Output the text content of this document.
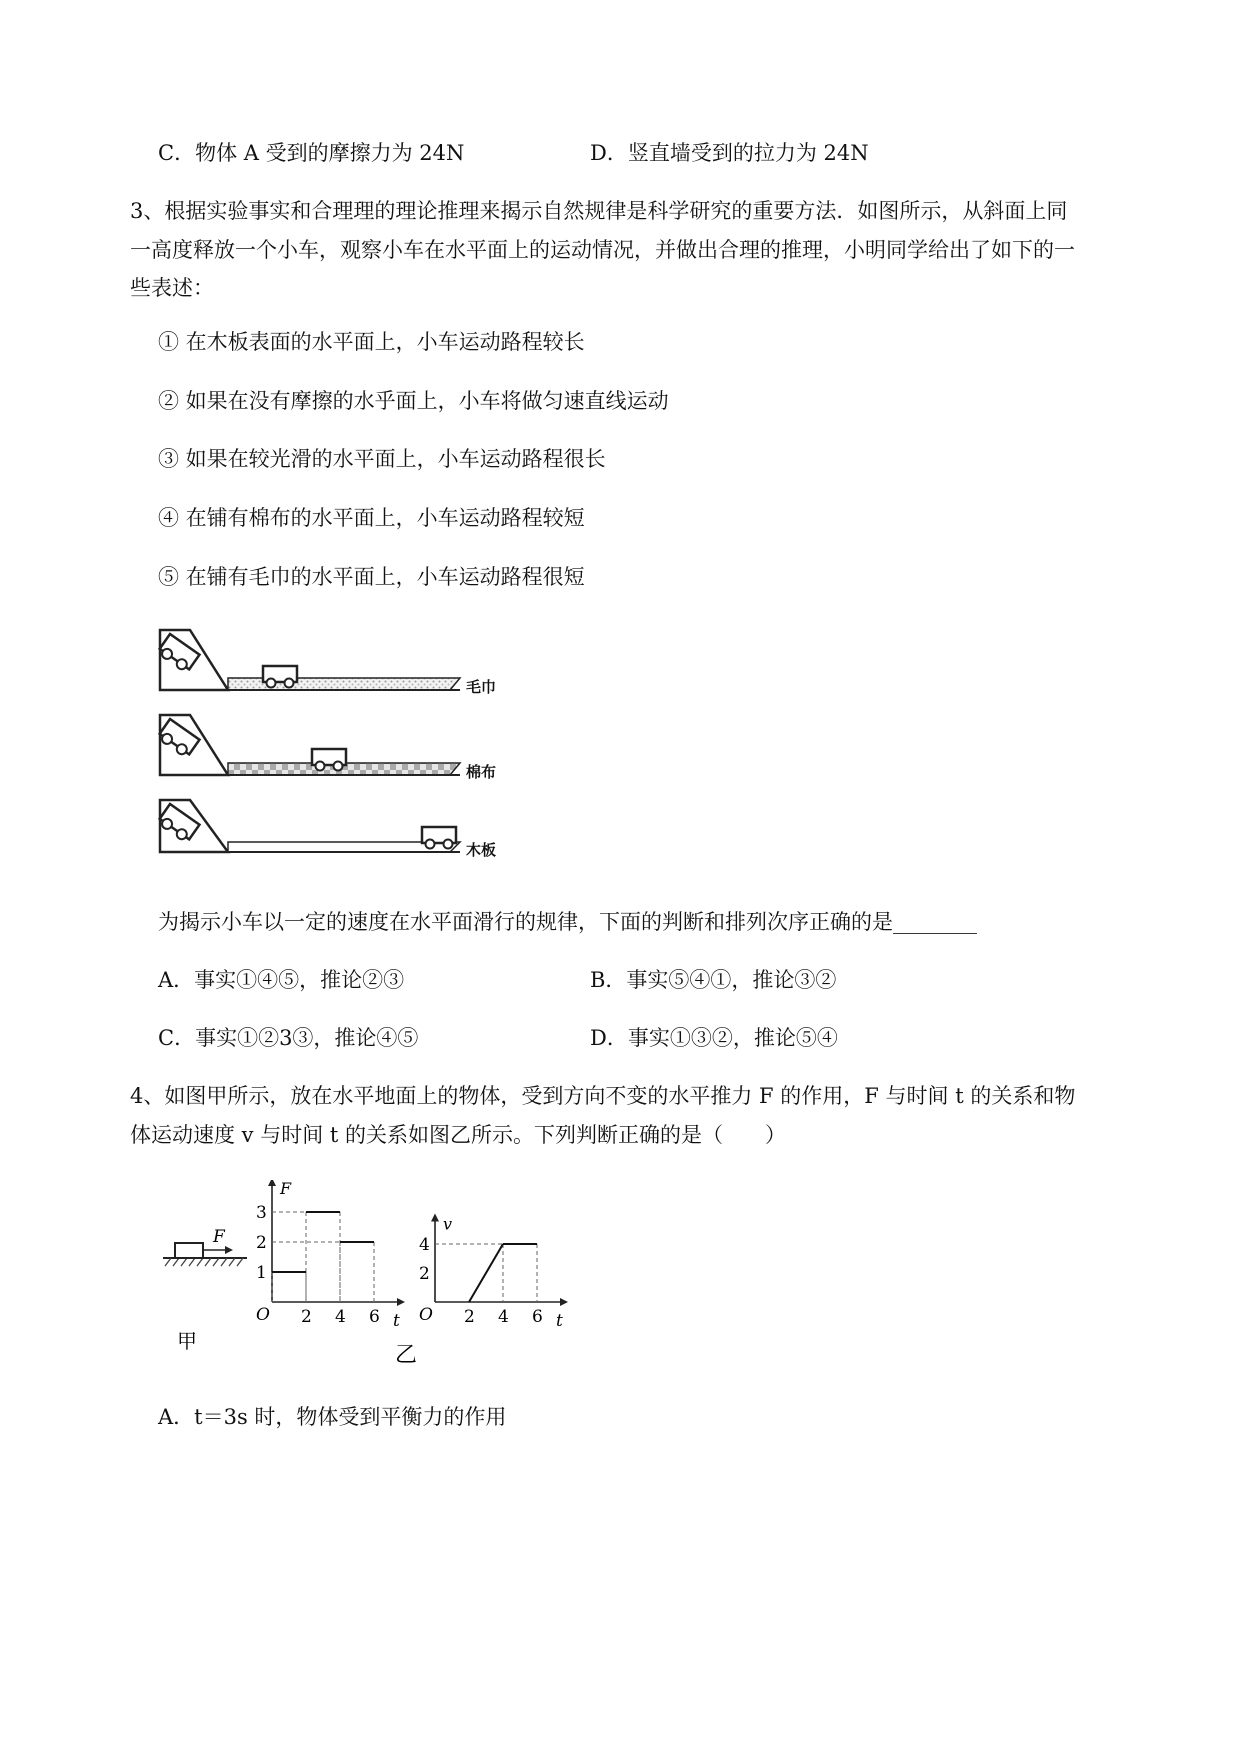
C．物体 A 受到的摩擦力为 24N	D．竖直墙受到的拉力为 24N
3、根据实验事实和合理理的理论推理来揭示自然规律是科学研究的重要方法．如图所示，从斜面上同
一高度释放一个小车，观察小车在水平面上的运动情况，并做出合理的推理，小明同学给出了如下的一
些表述：
① 在木板表面的水平面上，小车运动路程较长
② 如果在没有摩擦的水乎面上，小车将做匀速直线运动
③ 如果在较光滑的水平面上，小车运动路程很长
④ 在铺有棉布的水平面上，小车运动路程较短
⑤ 在铺有毛巾的水平面上，小车运动路程很短
毛巾
棉布
木板
为揭示小车以一定的速度在水平面滑行的规律，下面的判断和排列次序正确的是________
A．事实①④⑤，推论②③	B．事实⑤④①，推论③②
C．事实①②3③，推论④⑤	D．事实①③②，推论⑤④
4、如图甲所示，放在水平地面上的物体，受到方向不变的水平推力 F 的作用，F 与时间 t 的关系和物
体运动速度 v 与时间 t 的关系如图乙所示。下列判断正确的是（　　）
F
甲
O
F
t
2 4 6
1
2
3
O
v
t
2 4 6
2
4
乙
A．t＝3s 时，物体受到平衡力的作用
